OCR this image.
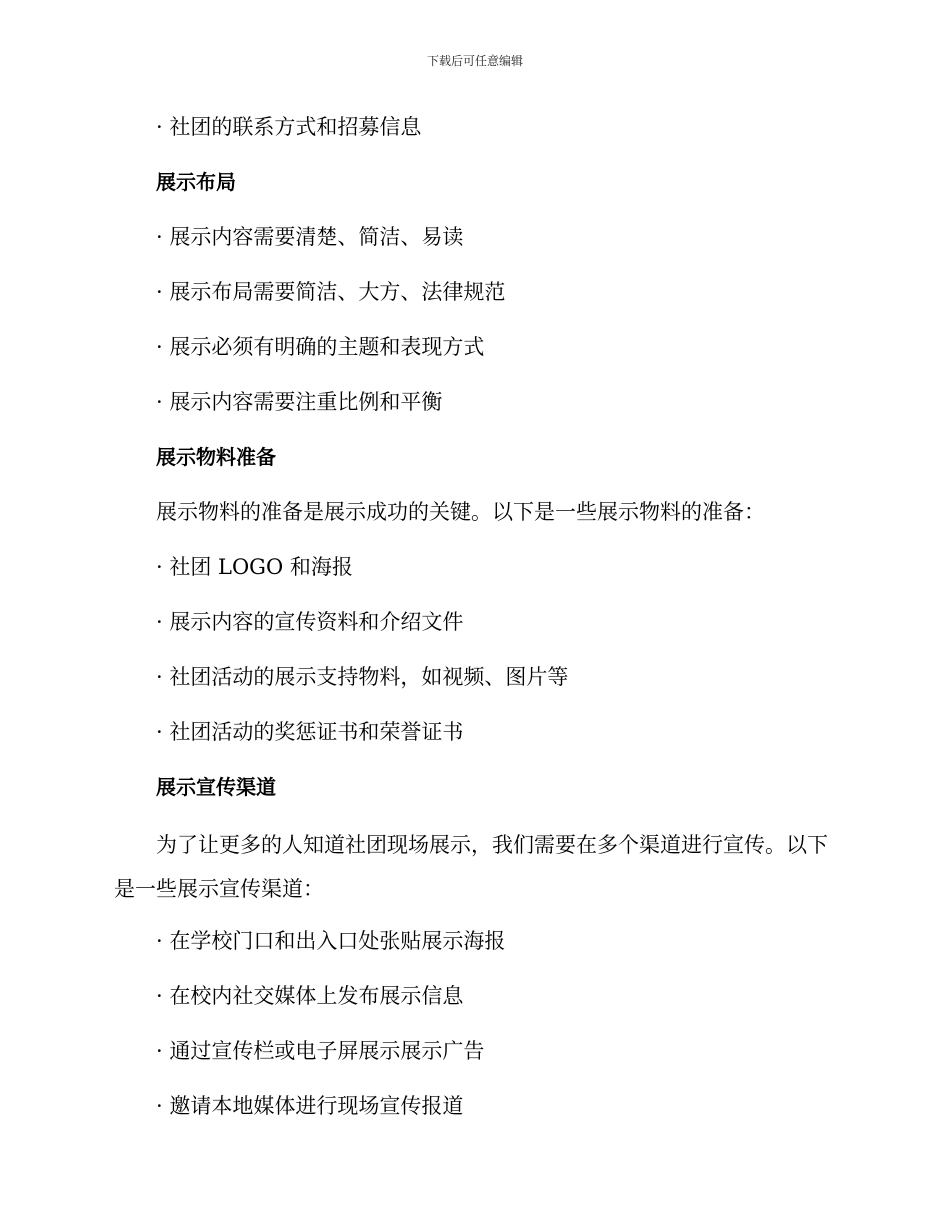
下载后可任意编辑
· 社团的联系方式和招募信息
展示布局
· 展示内容需要清楚、简洁、易读
· 展示布局需要简洁、大方、法律规范
· 展示必须有明确的主题和表现方式
· 展示内容需要注重比例和平衡
展示物料准备
展示物料的准备是展示成功的关键。以下是一些展示物料的准备：
· 社团 LOGO 和海报
· 展示内容的宣传资料和介绍文件
· 社团活动的展示支持物料，如视频、图片等
· 社团活动的奖惩证书和荣誉证书
展示宣传渠道
为了让更多的人知道社团现场展示，我们需要在多个渠道进行宣传。以下是一些展示宣传渠道：
· 在学校门口和出入口处张贴展示海报
· 在校内社交媒体上发布展示信息
· 通过宣传栏或电子屏展示展示广告
· 邀请本地媒体进行现场宣传报道
